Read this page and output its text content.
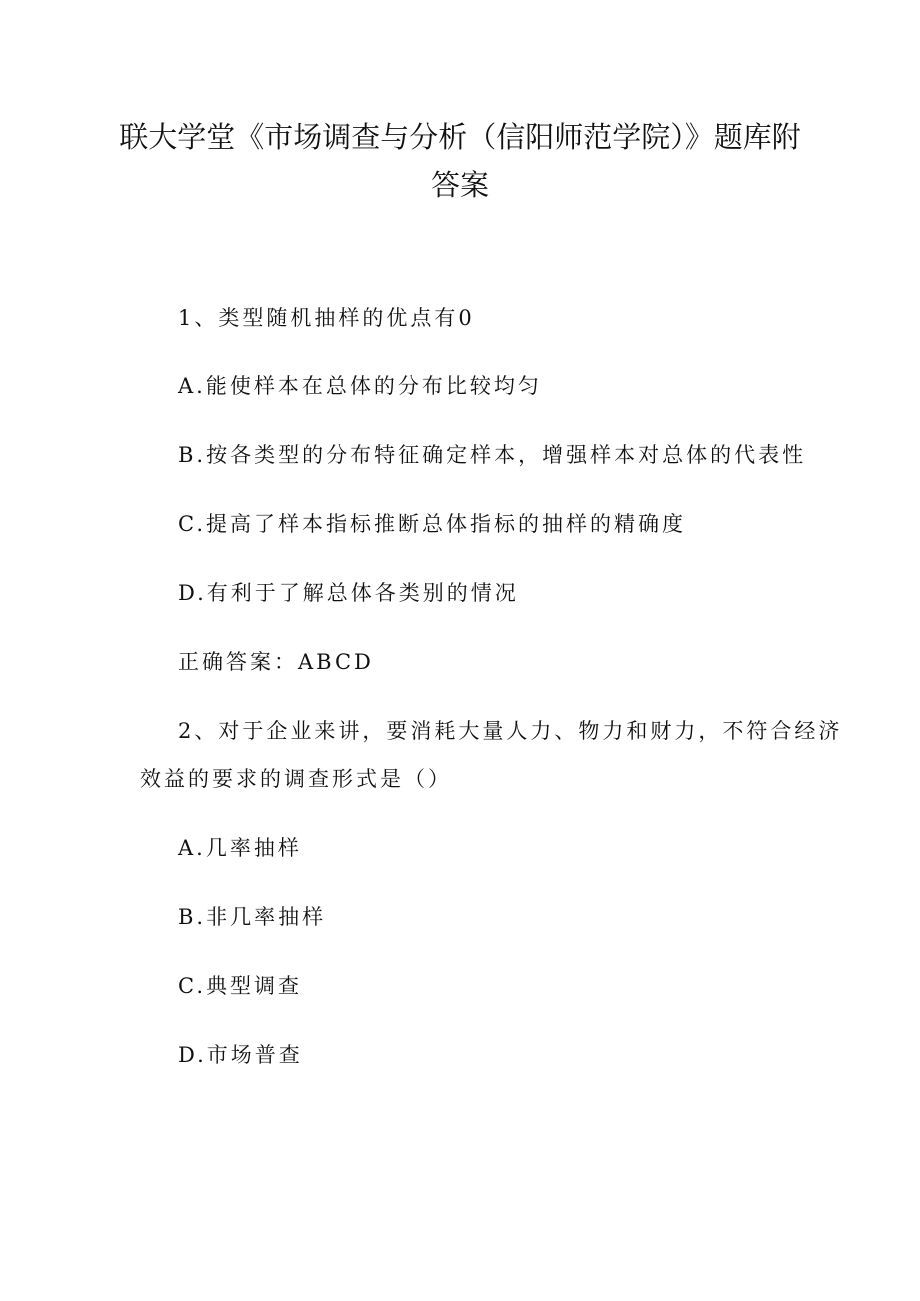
联大学堂《市场调查与分析（信阳师范学院）》题库附
答案

1、类型随机抽样的优点有0

A.能使样本在总体的分布比较均匀

B.按各类型的分布特征确定样本，增强样本对总体的代表性

C.提高了样本指标推断总体指标的抽样的精确度

D.有利于了解总体各类别的情况

正确答案：ABCD

2、对于企业来讲，要消耗大量人力、物力和财力，不符合经济

效益的要求的调查形式是（）

A.几率抽样

B.非几率抽样

C.典型调查

D.市场普查
